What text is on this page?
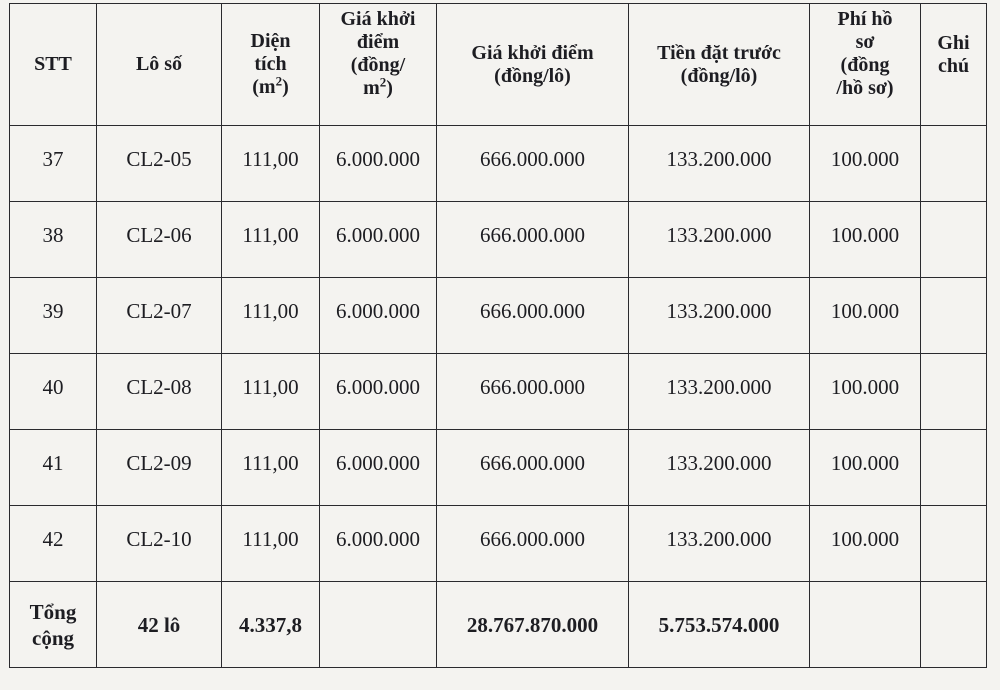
STT	Lô số	Diện
tích
$(m^2)$	Giá khởi
điểm
(đồng/
$m^2$)	Giá khởi điểm
(đồng/lô)	Tiền đặt trước
(đồng/lô)	Phí hồ
sơ
(đồng
/hồ sơ)	Ghi
chú
37	CL2-05	111,00	6.000.000	666.000.000	133.200.000	100.000	
38	CL2-06	111,00	6.000.000	666.000.000	133.200.000	100.000	
39	CL2-07	111,00	6.000.000	666.000.000	133.200.000	100.000	
40	CL2-08	111,00	6.000.000	666.000.000	133.200.000	100.000	
41	CL2-09	111,00	6.000.000	666.000.000	133.200.000	100.000	
42	CL2-10	111,00	6.000.000	666.000.000	133.200.000	100.000	
Tổng
cộng	42 lô	4.337,8		28.767.870.000	5.753.574.000		
